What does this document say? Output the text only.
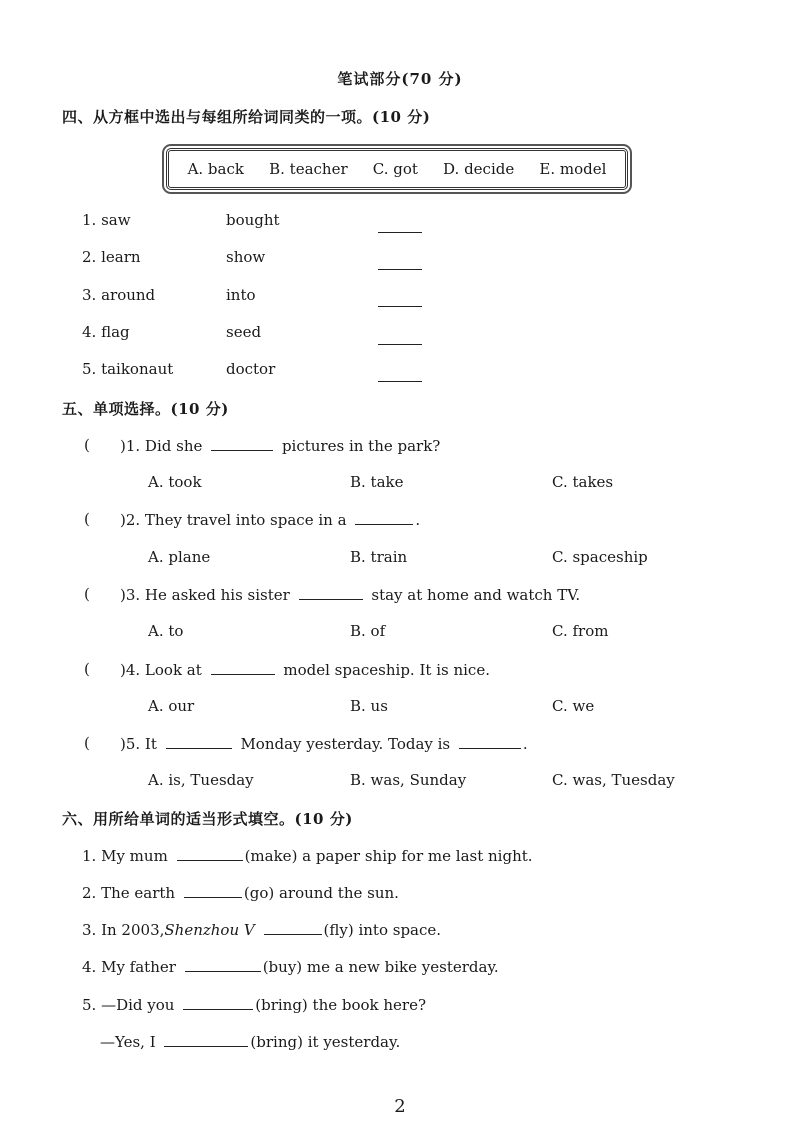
笔试部分(70 分)
四、从方框中选出与每组所给词同类的一项。(10 分)
A. back B. teacher C. got D. decide E. model
1. saw	bought
2. learn	show
3. around	into
4. flag	seed
5. taikonaut	doctor
五、单项选择。(10 分)
( )1. Did she	pictures in the park?
A. took	B. take	C. takes
( )2. They travel into space in a	.
A. plane	B. train	C. spaceship
( )3. He asked his sister	stay at home and watch TV.
A. to	B. of	C. from
( )4. Look at	model spaceship. It is nice.
A. our	B. us	C. we
( )5. It	Monday yesterday. Today is	.
A. is, Tuesday	B. was, Sunday	C. was, Tuesday
六、用所给单词的适当形式填空。(10 分)
1. My mum	(make) a paper ship for me last night.
2. The earth	(go) around the sun.
3. In 2003,Shenzhou V	(fly) into space.
4. My father	(buy) me a new bike yesterday.
5. —Did you	(bring) the book here?
—Yes, I	(bring) it yesterday.
2
